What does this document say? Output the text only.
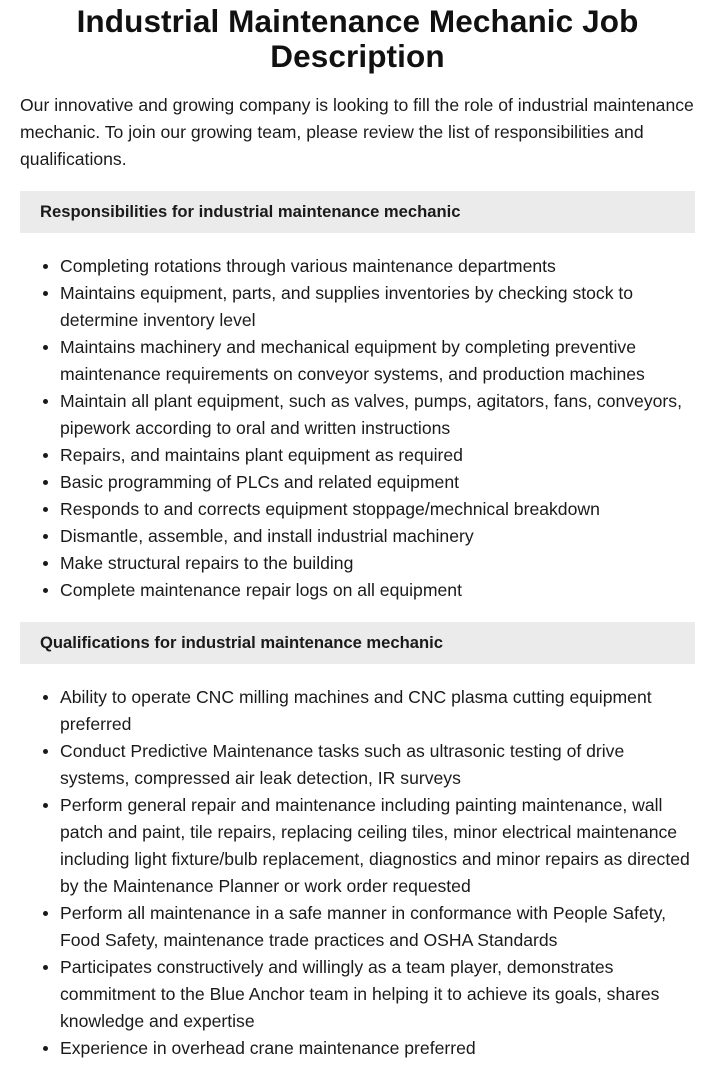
Industrial Maintenance Mechanic Job Description

Our innovative and growing company is looking to fill the role of industrial maintenance mechanic. To join our growing team, please review the list of responsibilities and qualifications.

Responsibilities for industrial maintenance mechanic
Completing rotations through various maintenance departments
Maintains equipment, parts, and supplies inventories by checking stock to determine inventory level
Maintains machinery and mechanical equipment by completing preventive maintenance requirements on conveyor systems, and production machines
Maintain all plant equipment, such as valves, pumps, agitators, fans, conveyors, pipework according to oral and written instructions
Repairs, and maintains plant equipment as required
Basic programming of PLCs and related equipment
Responds to and corrects equipment stoppage/mechnical breakdown
Dismantle, assemble, and install industrial machinery
Make structural repairs to the building
Complete maintenance repair logs on all equipment
Qualifications for industrial maintenance mechanic
Ability to operate CNC milling machines and CNC plasma cutting equipment preferred
Conduct Predictive Maintenance tasks such as ultrasonic testing of drive systems, compressed air leak detection, IR surveys
Perform general repair and maintenance including painting maintenance, wall patch and paint, tile repairs, replacing ceiling tiles, minor electrical maintenance including light fixture/bulb replacement, diagnostics and minor repairs as directed by the Maintenance Planner or work order requested
Perform all maintenance in a safe manner in conformance with People Safety, Food Safety, maintenance trade practices and OSHA Standards
Participates constructively and willingly as a team player, demonstrates commitment to the Blue Anchor team in helping it to achieve its goals, shares knowledge and expertise
Experience in overhead crane maintenance preferred
